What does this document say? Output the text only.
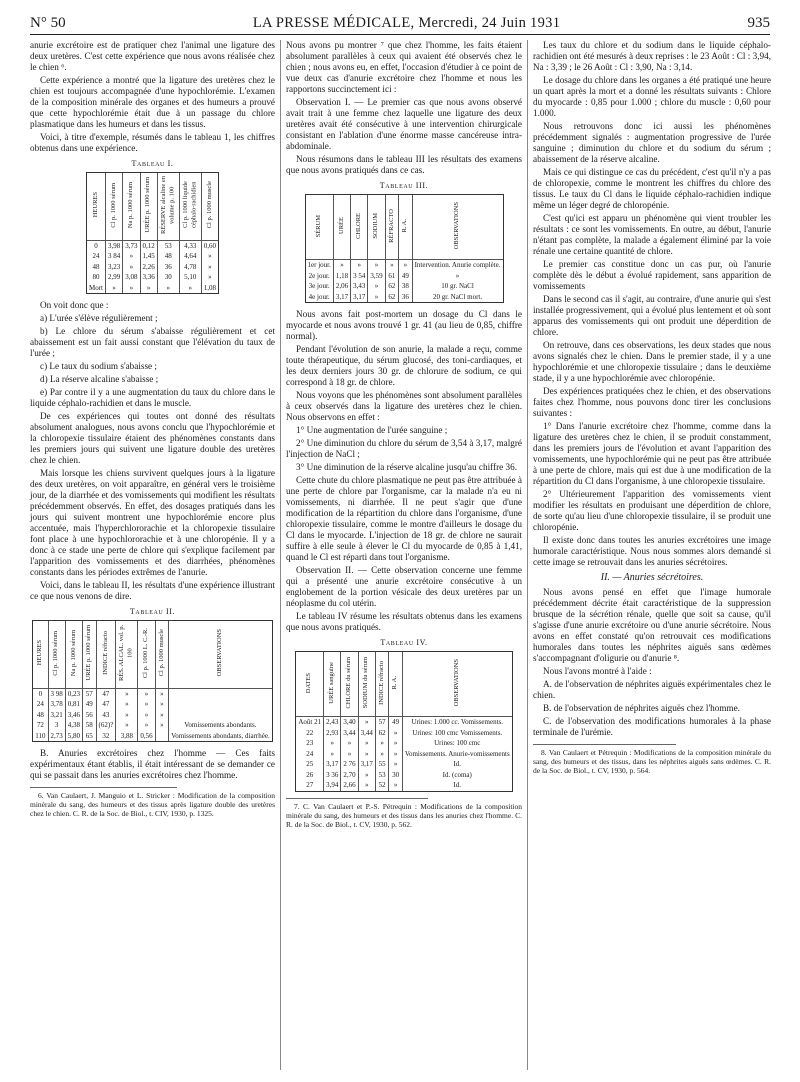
N° 50	LA PRESSE MÉDICALE, Mercredi, 24 Juin 1931	935

anurie excrétoire est de pratiquer chez l'animal une ligature des deux uretères. C'est cette expérience que nous avons réalisée chez le chien ⁶.

Cette expérience a montré que la ligature des uretères chez le chien est toujours accompagnée d'une hypochlorémie. L'examen de la composition minérale des organes et des humeurs a prouvé que cette hypochlorémie était due à un passage du chlore plasmatique dans les humeurs et dans les tissus.

Voici, à titre d'exemple, résumés dans le tableau 1, les chiffres obtenus dans une expérience.

Tableau I.
HEURES	Cl p. 1000 sérum	Na p. 1000 sérum	URÉE p. 1000 sérum	RÉSERVE alcaline en volume p. 100	Cl p. 1000 liquide céphalo-rachidien	Cl p. 1000 muscle
0	3,98	3,73	0,12	53	4,33	0,60
24	3 84	»	1,45	48	4,64	»
48	3,23	»	2,26	36	4,78	»
80	2,99	3,08	3,36	30	5,10	»
Mort	»	»	»	»	»	1,08

On voit donc que :

a) L'urée s'élève régulièrement ;

b) Le chlore du sérum s'abaisse régulièrement et cet abaissement est un fait aussi constant que l'élévation du taux de l'urée ;

c) Le taux du sodium s'abaisse ;

d) La réserve alcaline s'abaisse ;

e) Par contre il y a une augmentation du taux du chlore dans le liquide céphalo-rachidien et dans le muscle.

De ces expériences qui toutes ont donné des résultats absolument analogues, nous avons conclu que l'hypochlorémie et la chloropexie tissulaire étaient des phénomènes constants dans les premiers jours qui suivent une ligature double des uretères chez le chien.

Mais lorsque les chiens survivent quelques jours à la ligature des deux uretères, on voit apparaître, en général vers le troisième jour, de la diarrhée et des vomissements qui modifient les résultats précédemment observés. En effet, des dosages pratiqués dans les jours qui suivent montrent une hypochlorémie encore plus accentuée, mais l'hyperchlororachie et la chloropexie tissulaire font place à une hypochlororachie et à une chloropénie. Il y a donc à ce stade une perte de chlore qui s'explique facilement par l'apparition des vomissements et des diarrhées, phénomènes constants dans les périodes extrêmes de l'anurie.

Voici, dans le tableau II, les résultats d'une expérience illustrant ce que nous venons de dire.

Tableau II.
HEURES	Cl p. 1000 sérum	Na p. 1000 sérum	URÉE p. 1000 sérum	INDICE réfracto	RÉS. ALCAL. vol. p. 100	Cl p. 1000 L. C.-R.	Cl p. 1000 muscle	OBSERVATIONS
0	3 98	0,23	57	47	»	»	»	
24	3,78	0,81	49	47	»	»	»	
48	3,21	3,46	56	43	»	»	»	
72	3	4,38	58	(62)?	»	»	»	Vomissements abondants.
110	2,73	5,80	65	32	3,88	0,56		Vomissements abondants, diarrhée.

B. Anuries excrétoires chez l'homme — Ces faits expérimentaux étant établis, il était intéressant de se demander ce qui se passait dans les anuries excrétoires chez l'homme.

6. Van Caulaert, J. Manguio et L. Stricker : Modification de la composition minérale du sang, des humeurs et des tissus après ligature double des uretères chez le chien. C. R. de la Soc. de Biol., t. CIV, 1930, p. 1325.

Nous avons pu montrer ⁷ que chez l'homme, les faits étaient absolument parallèles à ceux qui avaient été observés chez le chien ; nous avons eu, en effet, l'occasion d'étudier à ce point de vue deux cas d'anurie excrétoire chez l'homme et nous les rapportons succinctement ici :

Observation I. — Le premier cas que nous avons observé avait trait à une femme chez laquelle une ligature des deux uretères avait été consécutive à une intervention chirurgicale consistant en l'ablation d'une énorme masse cancéreuse intra-abdominale.

Nous résumons dans le tableau III les résultats des examens que nous avons pratiqués dans ce cas.

Tableau III.
SÉRUM	URÉE	CHLORE	SODIUM	RÉFRACTO	R. A.	OBSERVATIONS
1er jour.	»	»	»	»	»	Intervention. Anurie complète.
2e jour.	1,18	3 54	3,59	61	49	»
3e jour.	2,06	3,43	»	62	38	10 gr. NaCl
4e jour.	3,17	3,17	»	62	36	20 gr. NaCl mort.

Nous avons fait post-mortem un dosage du Cl dans le myocarde et nous avons trouvé 1 gr. 41 (au lieu de 0,85, chiffre normal).

Pendant l'évolution de son anurie, la malade a reçu, comme toute thérapeutique, du sérum glucosé, des toni-cardiaques, et les deux derniers jours 30 gr. de chlorure de sodium, ce qui correspond à 18 gr. de chlore.

Nous voyons que les phénomènes sont absolument parallèles à ceux observés dans la ligature des uretères chez le chien. Nous observons en effet :

1° Une augmentation de l'urée sanguine ;

2° Une diminution du chlore du sérum de 3,54 à 3,17, malgré l'injection de NaCl ;

3° Une diminution de la réserve alcaline jusqu'au chiffre 36.

Cette chute du chlore plasmatique ne peut pas être attribuée à une perte de chlore par l'organisme, car la malade n'a eu ni vomissements, ni diarrhée. Il ne peut s'agir que d'une modification de la répartition du chlore dans l'organisme, d'une chloropexie tissulaire, comme le montre d'ailleurs le dosage du Cl dans le myocarde. L'injection de 18 gr. de chlore ne saurait suffire à elle seule à élever le Cl du myocarde de 0,85 à 1,41, quand le Cl est réparti dans tout l'organisme.

Observation II. — Cette observation concerne une femme qui a présenté une anurie excrétoire consécutive à un englobement de la portion vésicale des deux uretères par un néoplasme du col utérin.

Le tableau IV résume les résultats obtenus dans les examens que nous avons pratiqués.

Tableau IV.
DATES	URÉE sanguine	CHLORE du sérum	SODIUM du sérum	INDICE réfracto	R. A.	OBSERVATIONS
Août 21	2,43	3,40	»	57	49	Urines: 1.000 cc. Vomissements.
22	2,93	3,44	3,44	62	»	Urines: 100 cmc Vomissements.
23	»	»	»	»	»	Urines: 100 cmc
24	»	»	»	»	»	Vomissements. Anurie-vomissements
25	3,17	2 76	3,17	55	»	Id.
26	3 36	2,70	»	53	30	Id. (coma)
27	3,94	2,66	»	52	»	Id.

7. C. Van Caulaert et P.-S. Pétrequin : Modifications de la composition minérale du sang, des humeurs et des tissus dans les anuries chez l'homme. C. R. de la Soc. de Biol., t. CV, 1930, p. 562.

Les taux du chlore et du sodium dans le liquide céphalo-rachidien ont été mesurés à deux reprises : le 23 Août : Cl : 3,94, Na : 3,39 ; le 26 Août : Cl : 3,90, Na : 3,14.

Le dosage du chlore dans les organes a été pratiqué une heure un quart après la mort et a donné les résultats suivants : Chlore du myocarde : 0,85 pour 1.000 ; chlore du muscle : 0,60 pour 1.000.

Nous retrouvons donc ici aussi les phénomènes précédemment signalés : augmentation progressive de l'urée sanguine ; diminution du chlore et du sodium du sérum ; abaissement de la réserve alcaline.

Mais ce qui distingue ce cas du précédent, c'est qu'il n'y a pas de chloropexie, comme le montrent les chiffres du chlore des tissus. Le taux du Cl dans le liquide céphalo-rachidien indique même un léger degré de chloropénie.

C'est qu'ici est apparu un phénomène qui vient troubler les résultats : ce sont les vomissements. En outre, au début, l'anurie n'étant pas complète, la malade a également éliminé par la voie rénale une certaine quantité de chlore.

Le premier cas constitue donc un cas pur, où l'anurie complète dès le début a évolué rapidement, sans apparition de vomissements

Dans le second cas il s'agit, au contraire, d'une anurie qui s'est installée progressivement, qui a évolué plus lentement et où sont apparus des vomissements qui ont produit une déperdition de chlore.

On retrouve, dans ces observations, les deux stades que nous avons signalés chez le chien. Dans le premier stade, il y a une hypochlorémie et une chloropexie tissulaire ; dans le deuxième stade, il y a une hypochlorémie avec chloropénie.

Des expériences pratiquées chez le chien, et des observations faites chez l'homme, nous pouvons donc tirer les conclusions suivantes :

1° Dans l'anurie excrétoire chez l'homme, comme dans la ligature des uretères chez le chien, il se produit constamment, dans les premiers jours de l'évolution et avant l'apparition des vomissements, une hypochlorémie qui ne peut pas être attribuée à une perte de chlore, mais qui est due à une modification de la répartition du Cl dans l'organisme, à une chloropexie tissulaire.

2° Ultérieurement l'apparition des vomissements vient modifier les résultats en produisant une déperdition de chlore, de sorte qu'au lieu d'une chloropexie tissulaire, il se produit une chloropénie.

Il existe donc dans toutes les anuries excrétoires une image humorale caractéristique. Nous nous sommes alors demandé si cette image se retrouvait dans les anuries sécrétoires.

II. — Anuries sécrétoires.

Nous avons pensé en effet que l'image humorale précédemment décrite était caractéristique de la suppression brusque de la sécrétion rénale, quelle que soit sa cause, qu'il s'agisse d'une anurie excrétoire ou d'une anurie sécrétoire. Nous avons en effet constaté qu'on retrouvait ces modifications humorales dans toutes les néphrites aiguës sans œdèmes s'accompagnant d'oligurie ou d'anurie ⁸.

Nous l'avons montré à l'aide :

A. de l'observation de néphrites aiguës expérimentales chez le chien.

B. de l'observation de néphrites aiguës chez l'homme.

C. de l'observation des modifications humorales à la phase terminale de l'urémie.

8. Van Caulaert et Pétrequin : Modifications de la composition minérale du sang, des humeurs et des tissus, dans les néphrites aiguës sans œdèmes. C. R. de la Soc. de Biol., t. CV, 1930, p. 564.
